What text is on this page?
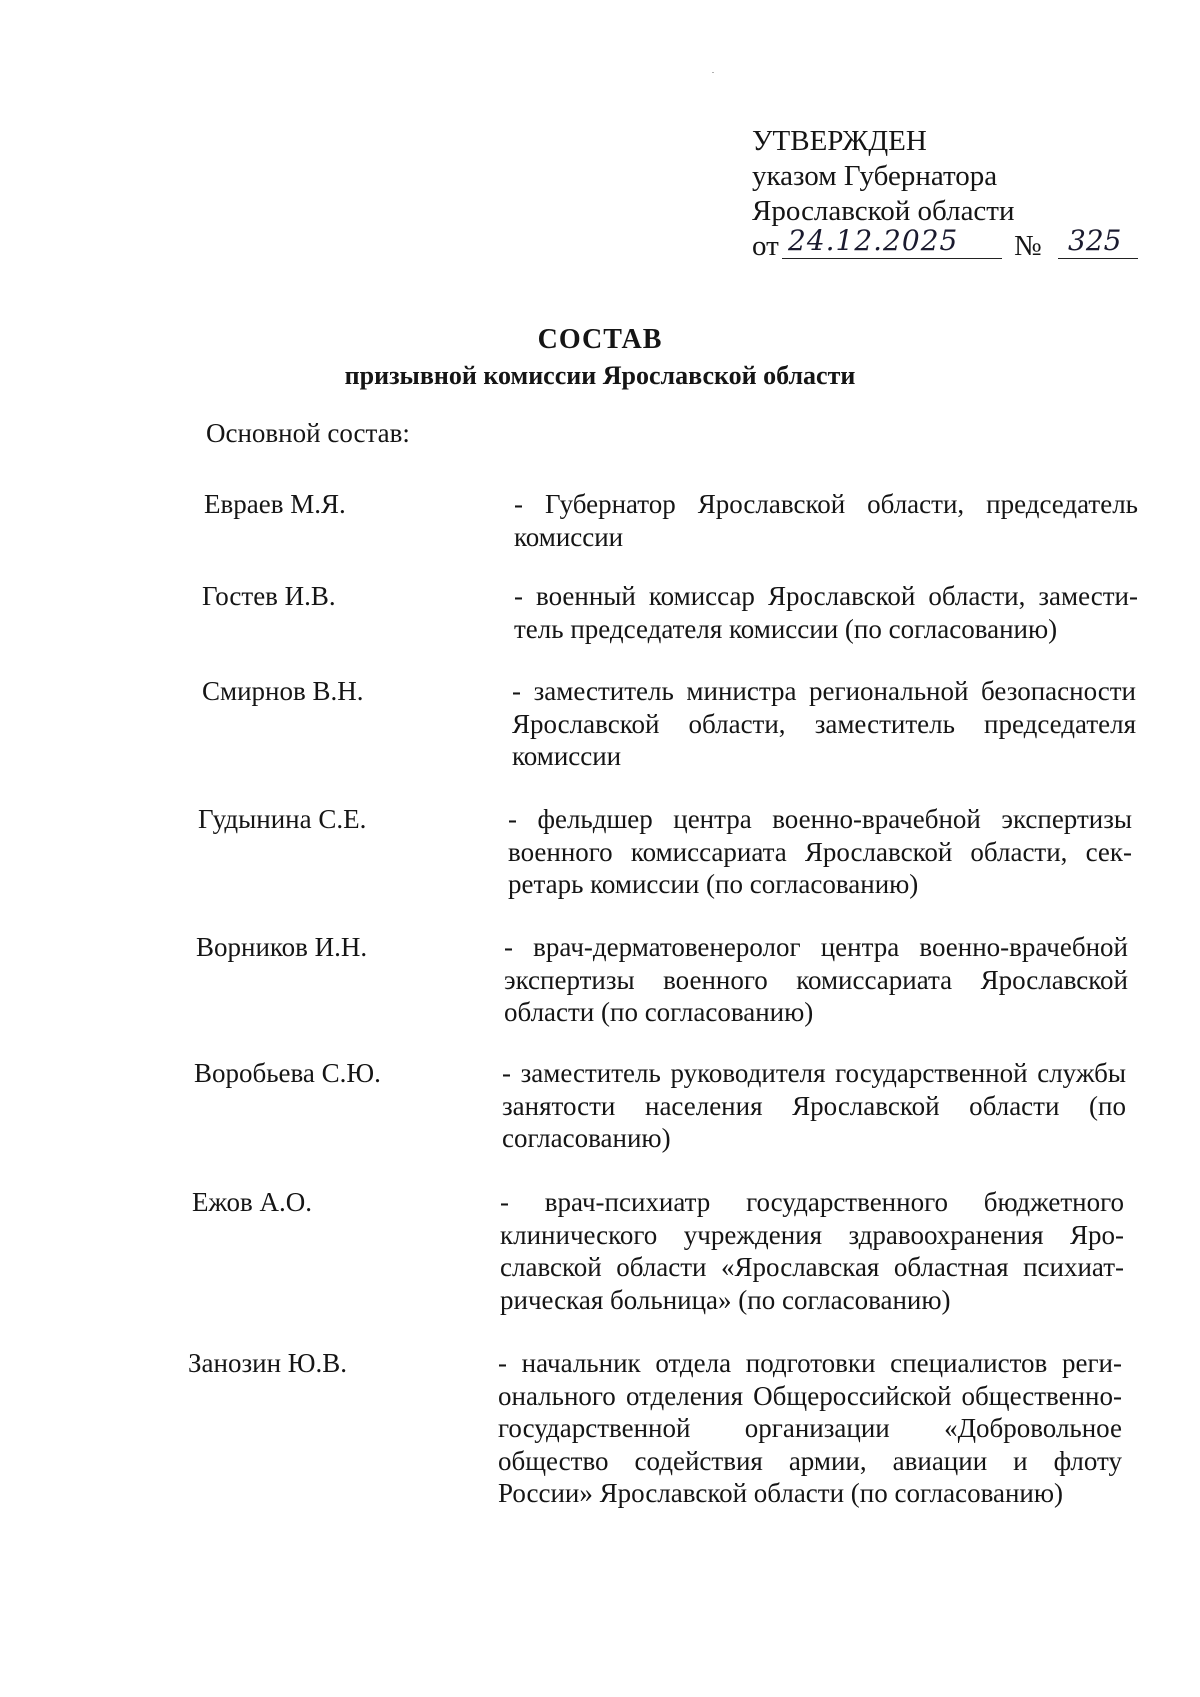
УТВЕРЖДЕН
указом Губернатора
Ярославской области
от 24.12.2025	№ 325
СОСТАВ
призывной комиссии Ярославской области
Основной состав:
Евраев М.Я.	- Губернатор Ярославской области, председатель комиссии
Гостев И.В.	- военный комиссар Ярославской области, заместитель председателя комиссии (по согласованию)
Смирнов В.Н.	- заместитель министра региональной безопасности Ярославской области, заместитель председателя комиссии
Гудынина С.Е.	- фельдшер центра военно-врачебной экспертизы военного комиссариата Ярославской области, секретарь комиссии (по согласованию)
Ворников И.Н.	- врач-дерматовенеролог центра военно-врачебной экспертизы военного комиссариата Ярославской области (по согласованию)
Воробьева С.Ю.	- заместитель руководителя государственной службы занятости населения Ярославской области (по согласованию)
Ежов А.О.	- врач-психиатр государственного бюджетного клинического учреждения здравоохранения Ярославской области «Ярославская областная психиатрическая больница» (по согласованию)
Занозин Ю.В.	- начальник отдела подготовки специалистов регионального отделения Общероссийской общественно-государственной организации «Добровольное общество содействия армии, авиации и флоту России» Ярославской области (по согласованию)
